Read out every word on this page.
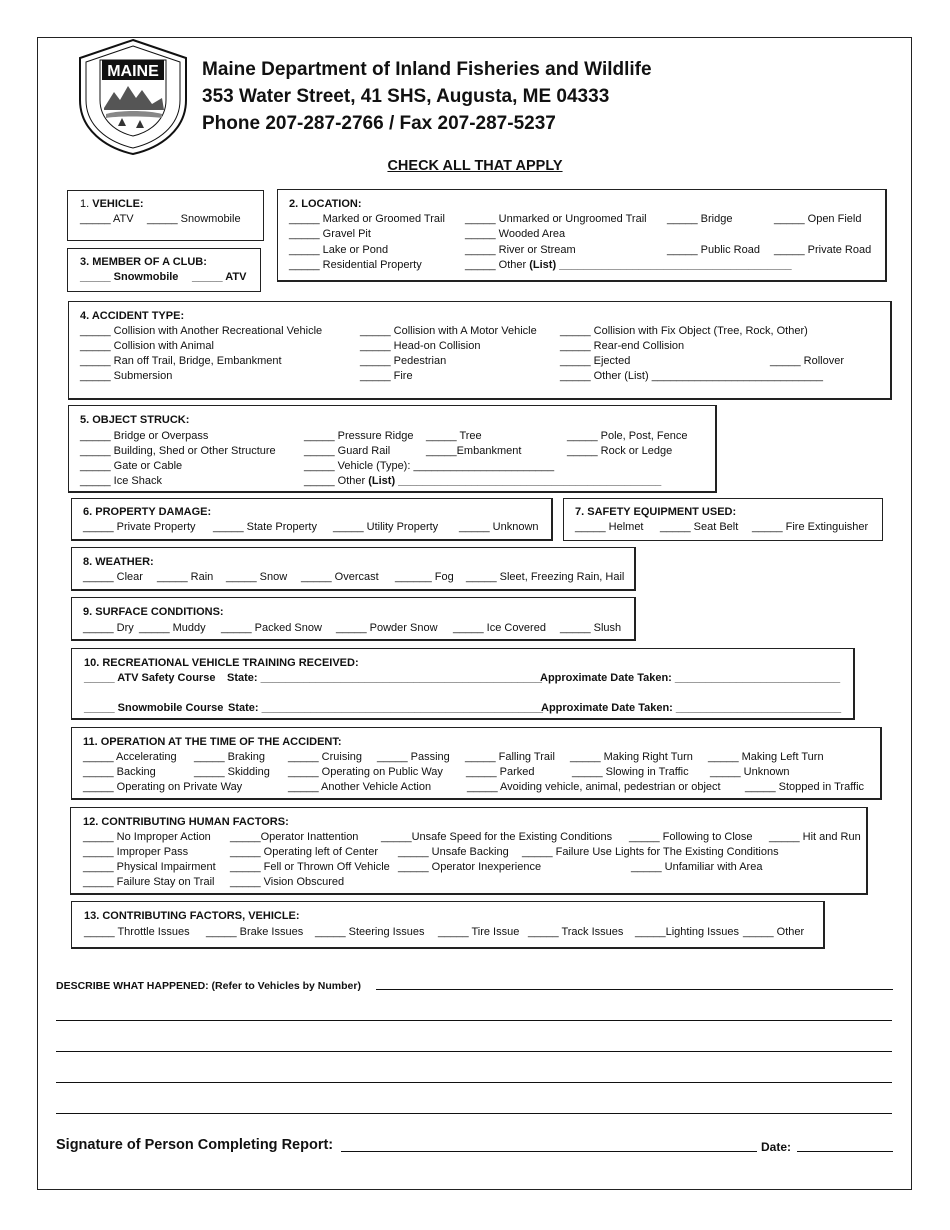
MAINE Maine Department of Inland Fisheries and Wildlife
353 Water Street, 41 SHS, Augusta, ME 04333
Phone 207-287-2766 / Fax 207-287-5237
CHECK ALL THAT APPLY
1. VEHICLE:
_____ ATV _____ Snowmobile
3. MEMBER OF A CLUB:
_____ Snowmobile _____ ATV
2. LOCATION:
_____ Marked or Groomed Trail _____ Unmarked or Ungroomed Trail _____ Bridge	_____ Open Field
_____ Gravel Pit	_____ Wooded Area
_____ Lake or Pond	_____ River or Stream	_____ Public Road _____ Private Road
_____ Residential Property	_____ Other (List) ______________________________________
4. ACCIDENT TYPE:
_____ Collision with Another Recreational Vehicle	_____ Collision with A Motor Vehicle _____ Collision with Fix Object (Tree, Rock, Other)
_____ Collision with Animal	_____ Head-on Collision	_____ Rear-end Collision
_____ Ran off Trail, Bridge, Embankment	_____ Pedestrian	_____ Ejected	_____ Rollover
_____ Submersion	_____ Fire	_____ Other (List) ____________________________
5. OBJECT STRUCK:
_____ Bridge or Overpass	_____ Pressure Ridge _____ Tree	_____ Pole, Post, Fence
_____ Building, Shed or Other Structure	_____ Guard Rail	_____Embankment	_____ Rock or Ledge
_____ Gate or Cable	_____ Vehicle (Type): _______________________
_____ Ice Shack	_____ Other (List) ___________________________________________
6. PROPERTY DAMAGE:
_____ Private Property _____ State Property _____ Utility Property _____ Unknown
7. SAFETY EQUIPMENT USED:
_____ Helmet _____ Seat Belt _____ Fire Extinguisher
8. WEATHER:
_____ Clear _____ Rain _____ Snow _____ Overcast ______ Fog _____ Sleet, Freezing Rain, Hail
9. SURFACE CONDITIONS:
_____ Dry _____ Muddy _____ Packed Snow _____ Powder Snow _____ Ice Covered _____ Slush
10. RECREATIONAL VEHICLE TRAINING RECEIVED:
_____ ATV Safety Course State: ______________________________________________
Approximate Date Taken: ___________________________
_____ Snowmobile Course State: ______________________________________________
Approximate Date Taken: ___________________________
11. OPERATION AT THE TIME OF THE ACCIDENT:
_____ Accelerating _____ Braking _____ Cruising _____ Passing _____ Falling Trail _____ Making Right Turn _____ Making Left Turn
_____ Backing	_____ Skidding _____ Operating on Public Way _____ Parked	_____ Slowing in Traffic _____ Unknown
_____ Operating on Private Way	_____ Another Vehicle Action	_____ Avoiding vehicle, animal, pedestrian or object _____ Stopped in Traffic
12. CONTRIBUTING HUMAN FACTORS:
_____ No Improper Action _____Operator Inattention _____Unsafe Speed for the Existing Conditions _____ Following to Close _____ Hit and Run
_____ Improper Pass	_____ Operating left of Center _____ Unsafe Backing _____ Failure Use Lights for The Existing Conditions
_____ Physical Impairment _____ Fell or Thrown Off Vehicle _____ Operator Inexperience	_____ Unfamiliar with Area
_____ Failure Stay on Trail _____ Vision Obscured
13. CONTRIBUTING FACTORS, VEHICLE:
_____ Throttle Issues _____ Brake Issues _____ Steering Issues _____ Tire Issue _____ Track Issues _____Lighting Issues _____ Other
DESCRIBE WHAT HAPPENED: (Refer to Vehicles by Number)
Signature of Person Completing Report:	Date:
